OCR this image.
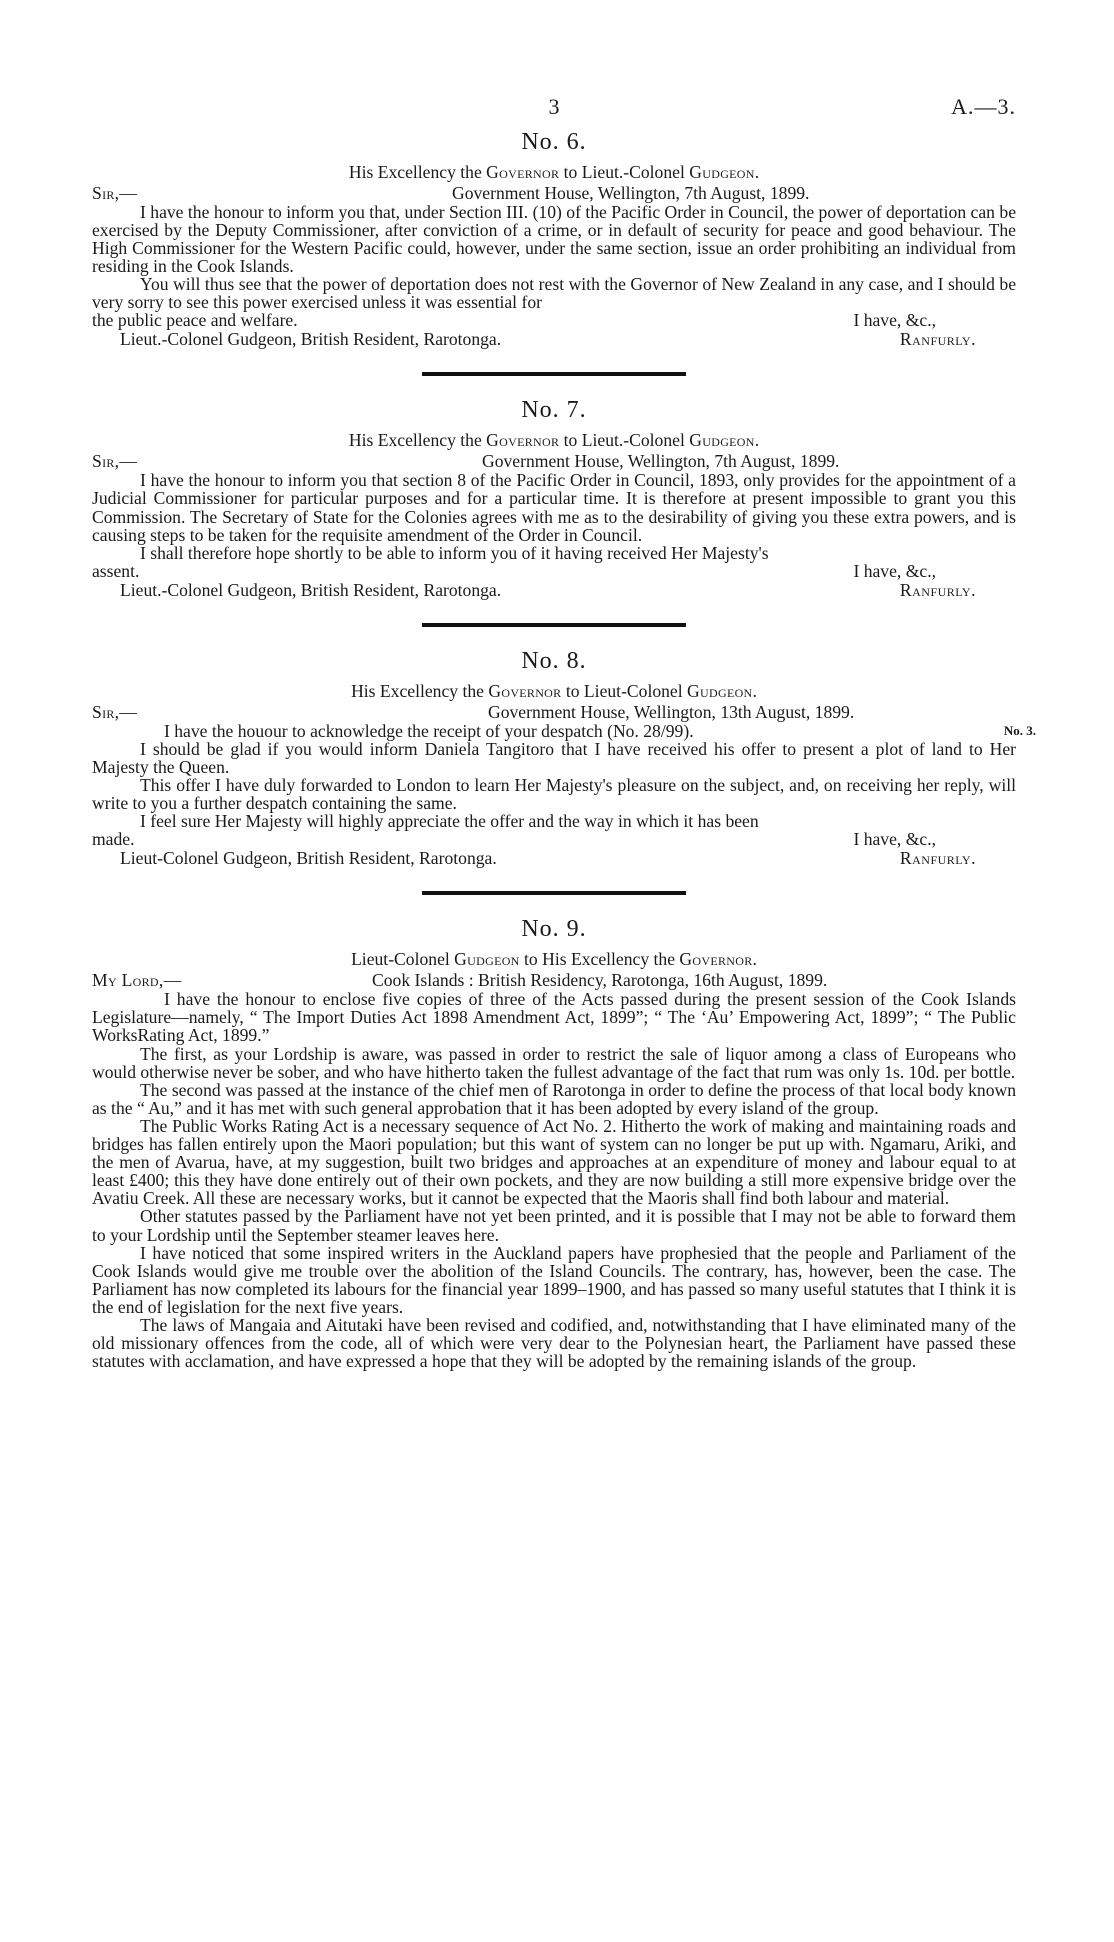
3	A.—3.
No. 6.
His Excellency the Governor to Lieut.-Colonel Gudgeon.
Sir,—	Government House, Wellington, 7th August, 1899.

I have the honour to inform you that, under Section III. (10) of the Pacific Order in Council, the power of deportation can be exercised by the Deputy Commissioner, after conviction of a crime, or in default of security for peace and good behaviour. The High Commissioner for the Western Pacific could, however, under the same section, issue an order prohibiting an individual from residing in the Cook Islands.

You will thus see that the power of deportation does not rest with the Governor of New Zealand in any case, and I should be very sorry to see this power exercised unless it was essential for

the public peace and welfare.	I have, &c.,
Lieut.-Colonel Gudgeon, British Resident, Rarotonga.	Ranfurly.
No. 7.
His Excellency the Governor to Lieut.-Colonel Gudgeon.
Sir,—	Government House, Wellington, 7th August, 1899.

I have the honour to inform you that section 8 of the Pacific Order in Council, 1893, only provides for the appointment of a Judicial Commissioner for particular purposes and for a particular time. It is therefore at present impossible to grant you this Commission. The Secretary of State for the Colonies agrees with me as to the desirability of giving you these extra powers, and is causing steps to be taken for the requisite amendment of the Order in Council.

I shall therefore hope shortly to be able to inform you of it having received Her Majesty's

assent.	I have, &c.,
Lieut.-Colonel Gudgeon, British Resident, Rarotonga.	Ranfurly.
No. 8.
His Excellency the Governor to Lieut-Colonel Gudgeon.
Sir,—	Government House, Wellington, 13th August, 1899.

I have the houour to acknowledge the receipt of your despatch (No. 28/99).	No. 3.

I should be glad if you would inform Daniela Tangitoro that I have received his offer to present a plot of land to Her Majesty the Queen.

This offer I have duly forwarded to London to learn Her Majesty's pleasure on the subject, and, on receiving her reply, will write to you a further despatch containing the same.

I feel sure Her Majesty will highly appreciate the offer and the way in which it has been

made.	I have, &c.,
Lieut-Colonel Gudgeon, British Resident, Rarotonga.	Ranfurly.
No. 9.
Lieut-Colonel Gudgeon to His Excellency the Governor.
My Lord,—	Cook Islands : British Residency, Rarotonga, 16th August, 1899.

I have the honour to enclose five copies of three of the Acts passed during the present session of the Cook Islands Legislature—namely, “ The Import Duties Act 1898 Amendment Act, 1899”; “ The ‘Au’ Empowering Act, 1899”; “ The Public WorksRating Act, 1899.”

The first, as your Lordship is aware, was passed in order to restrict the sale of liquor among a class of Europeans who would otherwise never be sober, and who have hitherto taken the fullest advantage of the fact that rum was only 1s. 10d. per bottle.

The second was passed at the instance of the chief men of Rarotonga in order to define the process of that local body known as the “ Au,” and it has met with such general approbation that it has been adopted by every island of the group.

The Public Works Rating Act is a necessary sequence of Act No. 2. Hitherto the work of making and maintaining roads and bridges has fallen entirely upon the Maori population; but this want of system can no longer be put up with. Ngamaru, Ariki, and the men of Avarua, have, at my suggestion, built two bridges and approaches at an expenditure of money and labour equal to at least £400; this they have done entirely out of their own pockets, and they are now building a still more expensive bridge over the Avatiu Creek. All these are necessary works, but it cannot be expected that the Maoris shall find both labour and material.

Other statutes passed by the Parliament have not yet been printed, and it is possible that I may not be able to forward them to your Lordship until the September steamer leaves here.

I have noticed that some inspired writers in the Auckland papers have prophesied that the people and Parliament of the Cook Islands would give me trouble over the abolition of the Island Councils. The contrary, has, however, been the case. The Parliament has now completed its labours for the financial year 1899–1900, and has passed so many useful statutes that I think it is the end of legislation for the next five years.

The laws of Mangaia and Aitutaki have been revised and codified, and, notwithstanding that I have eliminated many of the old missionary offences from the code, all of which were very dear to the Polynesian heart, the Parliament have passed these statutes with acclamation, and have expressed a hope that they will be adopted by the remaining islands of the group.
